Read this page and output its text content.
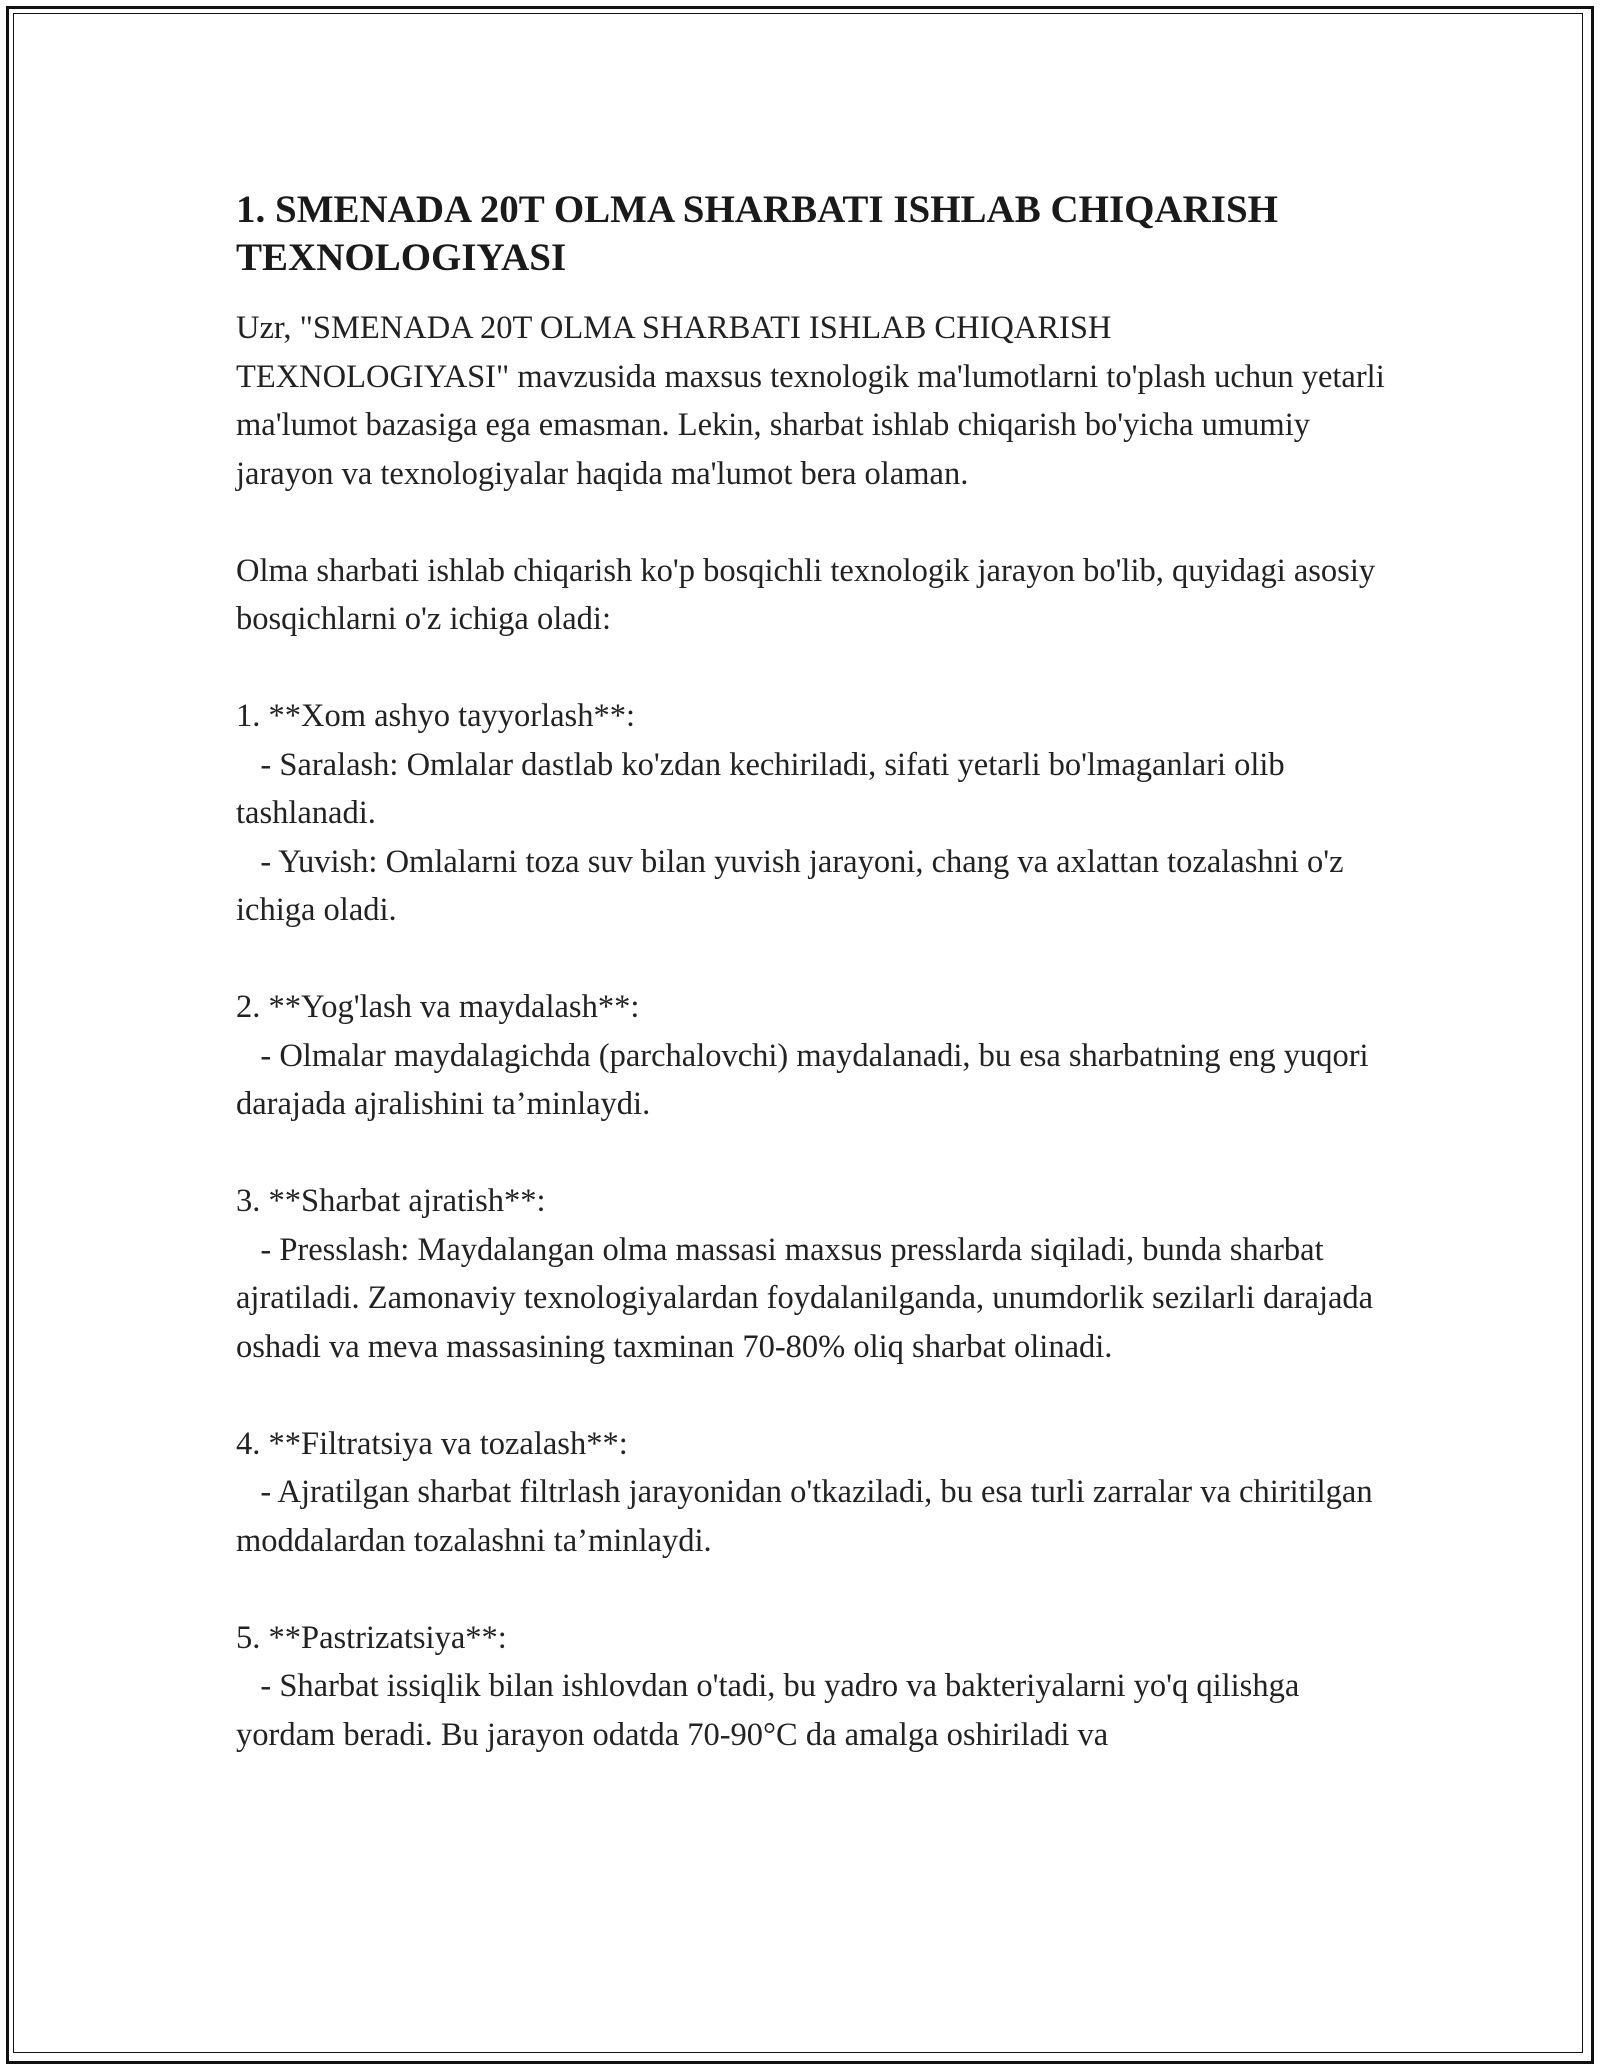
1. SMENADA 20T OLMA SHARBATI ISHLAB CHIQARISH TEXNOLOGIYASI

Uzr, "SMENADA 20T OLMA SHARBATI ISHLAB CHIQARISH TEXNOLOGIYASI" mavzusida maxsus texnologik ma'lumotlarni to'plash uchun yetarli ma'lumot bazasiga ega emasman. Lekin, sharbat ishlab chiqarish bo'yicha umumiy jarayon va texnologiyalar haqida ma'lumot bera olaman.

Olma sharbati ishlab chiqarish ko'p bosqichli texnologik jarayon bo'lib, quyidagi asosiy bosqichlarni o'z ichiga oladi:

1. **Xom ashyo tayyorlash**:
- Saralash: Omlalar dastlab ko'zdan kechiriladi, sifati yetarli bo'lmaganlari olib tashlanadi.
- Yuvish: Omlalarni toza suv bilan yuvish jarayoni, chang va axlattan tozalashni o'z ichiga oladi.

2. **Yog'lash va maydalash**:
- Olmalar maydalagichda (parchalovchi) maydalanadi, bu esa sharbatning eng yuqori darajada ajralishini ta’minlaydi.

3. **Sharbat ajratish**:
- Presslash: Maydalangan olma massasi maxsus presslarda siqiladi, bunda sharbat ajratiladi. Zamonaviy texnologiyalardan foydalanilganda, unumdorlik sezilarli darajada oshadi va meva massasining taxminan 70-80% oliq sharbat olinadi.

4. **Filtratsiya va tozalash**:
- Ajratilgan sharbat filtrlash jarayonidan o'tkaziladi, bu esa turli zarralar va chiritilgan moddalardan tozalashni ta’minlaydi.

5. **Pastrizatsiya**:
- Sharbat issiqlik bilan ishlovdan o'tadi, bu yadro va bakteriyalarni yo'q qilishga yordam beradi. Bu jarayon odatda 70-90°C da amalga oshiriladi va
